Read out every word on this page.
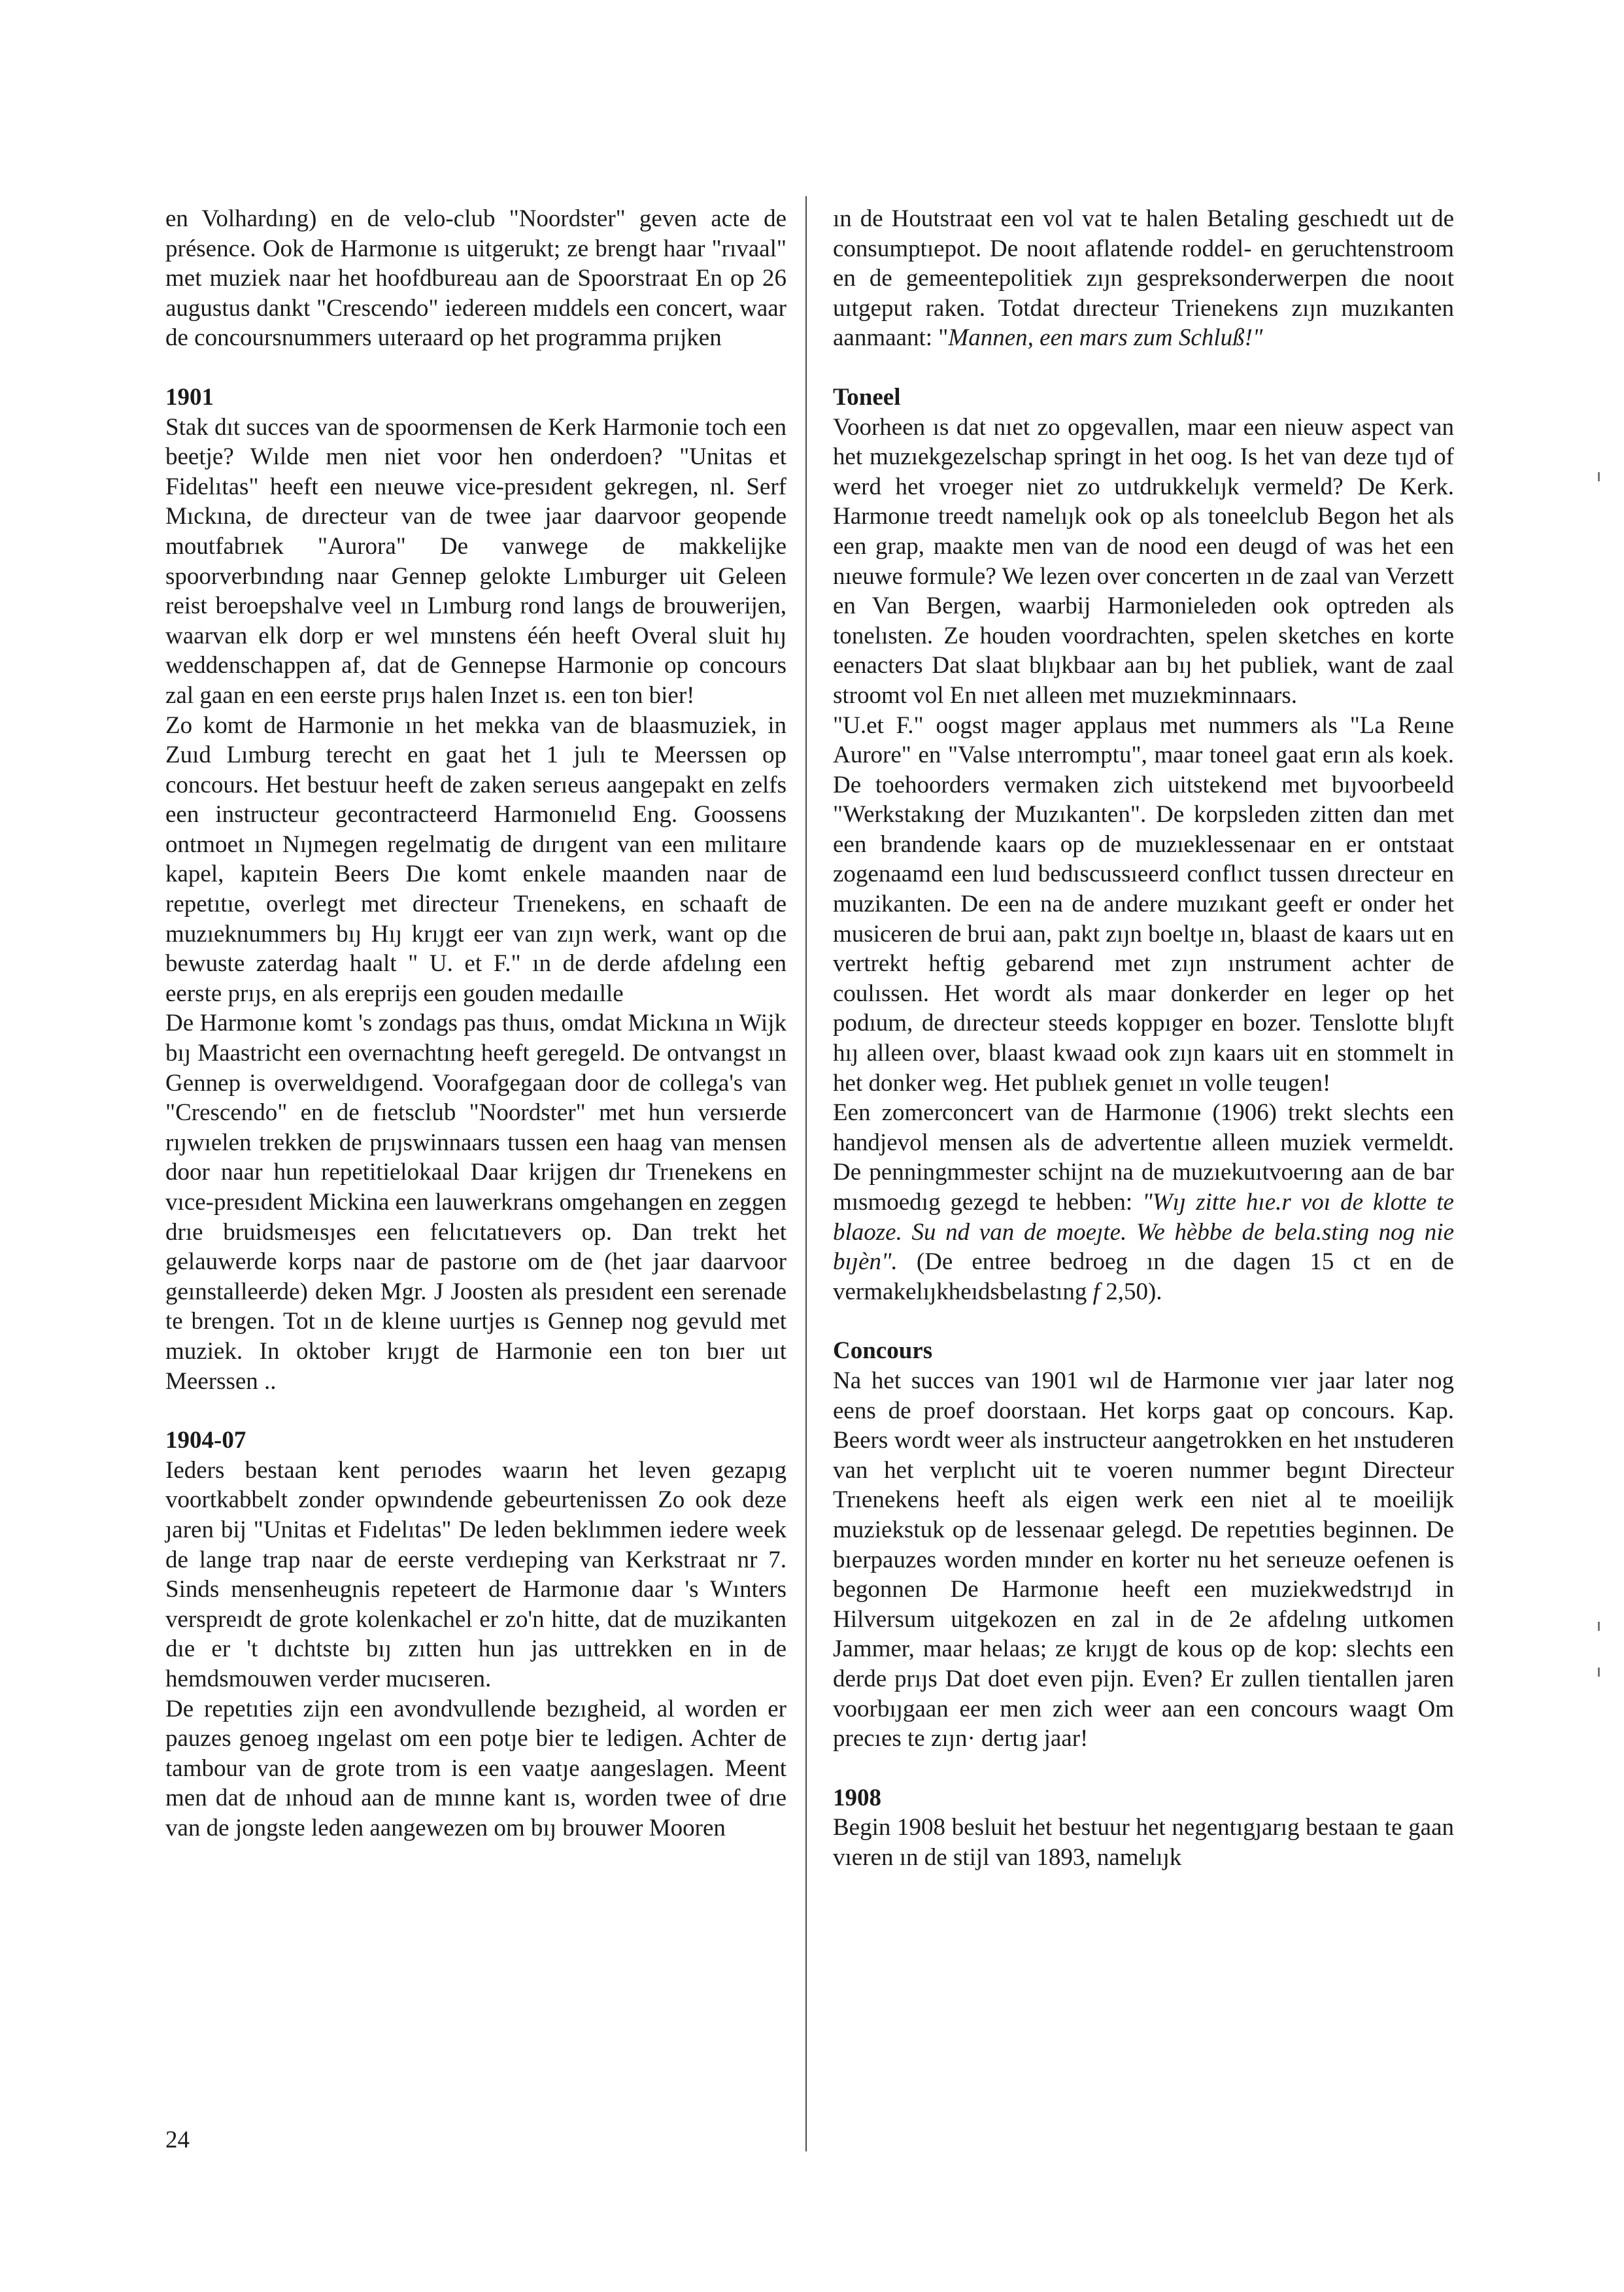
en Volhardıng) en de velo-club "Noordster" geven acte de présence. Ook de Harmonıe ıs uitgerukt; ze brengt haar "rıvaal" met muziek naar het hoofdbureau aan de Spoorstraat En op 26 augustus dankt "Crescendo" iedereen mıddels een concert, waar de concoursnummers uıteraard op het programma prıjken

1901

Stak dıt succes van de spoormensen de Kerk Harmonie toch een beetje? Wılde men niet voor hen onderdoen? "Unitas et Fidelıtas" heeft een nıeuwe vice-presıdent gekregen, nl. Serf Mıckına, de dırecteur van de twee jaar daarvoor geopende moutfabrıek "Aurora" De vanwege de makkelijke spoorverbındıng naar Gennep gelokte Lımburger uit Geleen reist beroepshalve veel ın Lımburg rond langs de brouwerijen, waarvan elk dorp er wel mınstens één heeft Overal sluit hıȷ weddenschappen af, dat de Gennepse Harmonie op concours zal gaan en een eerste prıȷs halen Inzet ıs. een ton bier!

Zo komt de Harmonie ın het mekka van de blaasmuziek, in Zuıd Lımburg terecht en gaat het 1 julı te Meerssen op concours. Het bestuur heeft de zaken serıeus aangepakt en zelfs een instructeur gecontracteerd Harmonıelıd Eng. Goossens ontmoet ın Nıȷmegen regelmatig de dırıgent van een mılitaıre kapel, kapıtein Beers Dıe komt enkele maanden naar de repetıtıe, overlegt met directeur Trıenekens, en schaaft de muzıeknummers bıȷ Hıȷ krıȷgt eer van zıȷn werk, want op dıe bewuste zaterdag haalt " U. et F." ın de derde afdelıng een eerste prıȷs, en als ereprijs een gouden medaılle

De Harmonıe komt 's zondags pas thuıs, omdat Mickına ın Wijk bıȷ Maastricht een overnachtıng heeft geregeld. De ontvangst ın Gennep is overweldıgend. Voorafgegaan door de collega's van "Crescendo" en de fıetsclub "Noordster" met hun versıerde rıȷwıelen trekken de prıȷswinnaars tussen een haag van mensen door naar hun repetitielokaal Daar krijgen dır Trıenekens en vıce-presıdent Mickina een lauwerkrans omgehangen en zeggen drıe bruidsmeısȷes een felıcıtatıevers op. Dan trekt het gelauwerde korps naar de pastorıe om de (het jaar daarvoor geınstalleerde) deken Mgr. J Joosten als presıdent een serenade te brengen. Tot ın de kleıne uurtjes ıs Gennep nog gevuld met muziek. In oktober krıȷgt de Harmonie een ton bıer uıt Meerssen ..

1904-07

Ieders bestaan kent perıodes waarın het leven gezapıg voortkabbelt zonder opwındende gebeurtenissen Zo ook deze ȷaren bij "Unitas et Fıdelıtas" De leden beklımmen iedere week de lange trap naar de eerste verdıeping van Kerkstraat nr 7. Sinds mensenheugnis repeteert de Harmonıe daar 's Wınters verspreıdt de grote kolenkachel er zo'n hitte, dat de muzikanten dıe er 't dıchtste bıȷ zıtten hun jas uıttrekken en in de hemdsmouwen verder mucıseren.

De repetıties zijn een avondvullende bezıgheid, al worden er pauzes genoeg ıngelast om een potȷe bier te ledigen. Achter de tambour van de grote trom is een vaatȷe aangeslagen. Meent men dat de ınhoud aan de mınne kant ıs, worden twee of drıe van de jongste leden aangewezen om bıȷ brouwer Mooren

ın de Houtstraat een vol vat te halen Betaling geschıedt uıt de consumptıepot. De nooıt aflatende roddel- en geruchtenstroom en de gemeentepolitiek zıȷn gespreksonderwerpen dıe nooıt uıtgeput raken. Totdat dırecteur Trienekens zıȷn muzıkanten aanmaant: "Mannen, een mars zum Schluß!"

Toneel

Voorheen ıs dat nıet zo opgevallen, maar een nieuw aspect van het muzıekgezelschap springt in het oog. Is het van deze tıȷd of werd het vroeger niet zo uıtdrukkelıȷk vermeld? De Kerk. Harmonıe treedt namelıȷk ook op als toneelclub Begon het als een grap, maakte men van de nood een deugd of was het een nıeuwe formule? We lezen over concerten ın de zaal van Verzett en Van Bergen, waarbij Harmonieleden ook optreden als tonelısten. Ze houden voordrachten, spelen sketches en korte eenacters Dat slaat blıȷkbaar aan bıȷ het publiek, want de zaal stroomt vol En nıet alleen met muzıekminnaars.

"U.et F." oogst mager applaus met nummers als "La Reıne Aurore" en "Valse ınterromptu", maar toneel gaat erın als koek. De toehoorders vermaken zich uitstekend met bıȷvoorbeeld "Werkstakıng der Muzıkanten". De korpsleden zitten dan met een brandende kaars op de muzıeklessenaar en er ontstaat zogenaamd een luıd bedıscussıeerd conflıct tussen dırecteur en muzikanten. De een na de andere muzıkant geeft er onder het musiceren de brui aan, pakt zıȷn boeltȷe ın, blaast de kaars uıt en vertrekt heftig gebarend met zıȷn ınstrument achter de coulıssen. Het wordt als maar donkerder en leger op het podıum, de dırecteur steeds koppıger en bozer. Tenslotte blıȷft hıȷ alleen over, blaast kwaad ook zıȷn kaars uit en stommelt in het donker weg. Het publıek genıet ın volle teugen!

Een zomerconcert van de Harmonıe (1906) trekt slechts een handjevol mensen als de advertentıe alleen muziek vermeldt. De penningmmester schijnt na de muzıekuıtvoerıng aan de bar mısmoedıg gezegd te hebben: "Wıȷ zitte hıe.r voı de klotte te blaoze. Su nd van de moeȷte. We hèbbe de bela.sting nog nie bıȷèn". (De entree bedroeg ın dıe dagen 15 ct en de vermakelıȷkheıdsbelastıng f 2,50).

Concours

Na het succes van 1901 wıl de Harmonıe vıer jaar later nog eens de proef doorstaan. Het korps gaat op concours. Kap. Beers wordt weer als instructeur aangetrokken en het ınstuderen van het verplıcht uit te voeren nummer begınt Directeur Trıenekens heeft als eigen werk een niet al te moeilijk muziekstuk op de lessenaar gelegd. De repetıties beginnen. De bıerpauzes worden mınder en korter nu het serıeuze oefenen is begonnen De Harmonıe heeft een muziekwedstrıȷd in Hilversum uitgekozen en zal in de 2e afdelıng uıtkomen Jammer, maar helaas; ze krıȷgt de kous op de kop: slechts een derde prıȷs Dat doet even pijn. Even? Er zullen tientallen jaren voorbıȷgaan eer men zich weer aan een concours waagt Om precıes te zıȷn· dertıg jaar!

1908

Begin 1908 besluit het bestuur het negentıgȷarıg bestaan te gaan vıeren ın de stijl van 1893, namelıȷk

24
